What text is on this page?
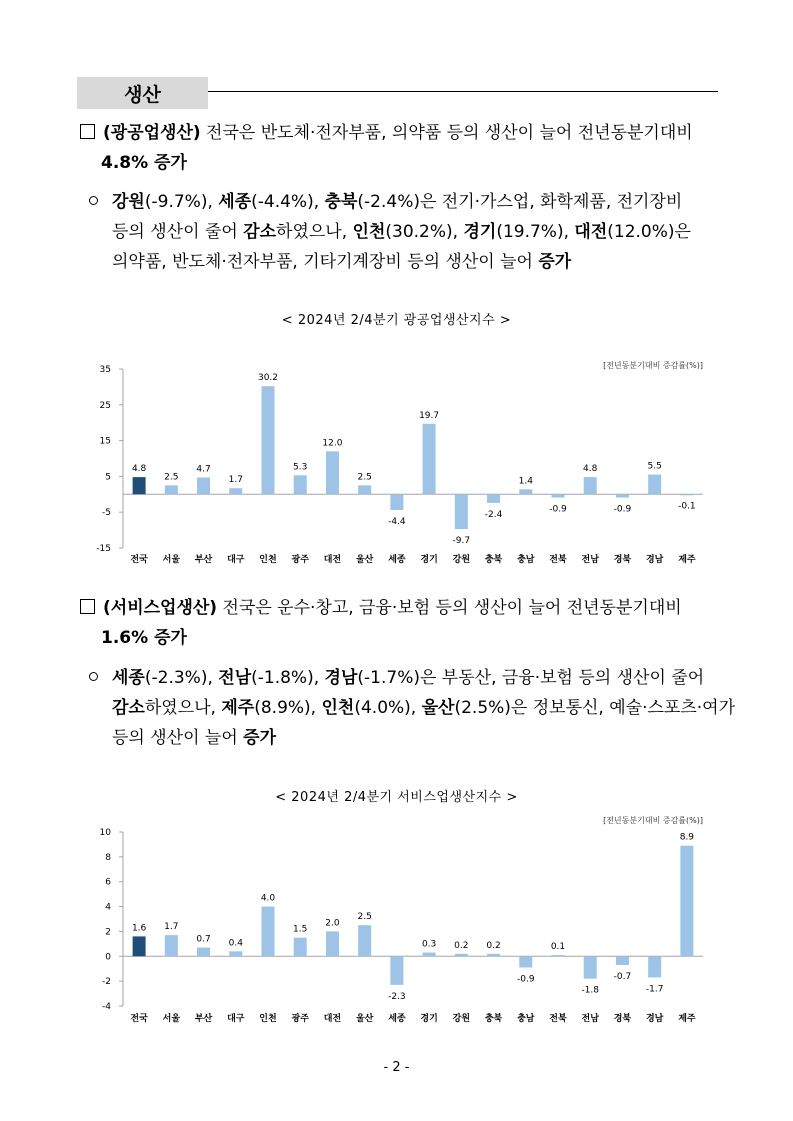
생산
(광공업생산) 전국은 반도체·전자부품, 의약품 등의 생산이 늘어 전년동분기대비
4.8% 증가
강원(-9.7%), 세종(-4.4%), 충북(-2.4%)은 전기·가스업, 화학제품, 전기장비
등의 생산이 줄어 감소하였으나, 인천(30.2%), 경기(19.7%), 대전(12.0%)은
의약품, 반도체·전자부품, 기타기계장비 등의 생산이 늘어 증가
< 2024년 2/4분기 광공업생산지수 >
-15
-5
5
15
25
35	[전년동분기대비 증감률(%)]
4.8
전국
2.5
서울
4.7
부산
1.7
대구
30.2
인천
5.3
광주
12.0
대전
2.5
울산
-4.4
세종
19.7
경기
-9.7
강원
-2.4
충북
1.4
충남
-0.9
전북
4.8
전남
-0.9
경북
5.5
경남
-0.1
제주
(서비스업생산) 전국은 운수·창고, 금융·보험 등의 생산이 늘어 전년동분기대비
1.6% 증가
세종(-2.3%), 전남(-1.8%), 경남(-1.7%)은 부동산, 금융·보험 등의 생산이 줄어
감소하였으나, 제주(8.9%), 인천(4.0%), 울산(2.5%)은 정보통신, 예술·스포츠·여가
등의 생산이 늘어 증가
< 2024년 2/4분기 서비스업생산지수 >
-4
-2
0
2
4
6
8
10
[전년동분기대비 증감률(%)]
1.6
전국
1.7
서울
0.7
부산
0.4
대구
4.0
인천
1.5
광주
2.0
대전
2.5
울산
-2.3
세종
0.3
경기
0.2
강원
0.2
충북
-0.9
충남
0.1
전북
-1.8
전남
-0.7
경북
-1.7
경남
8.9
제주
- 2 -
